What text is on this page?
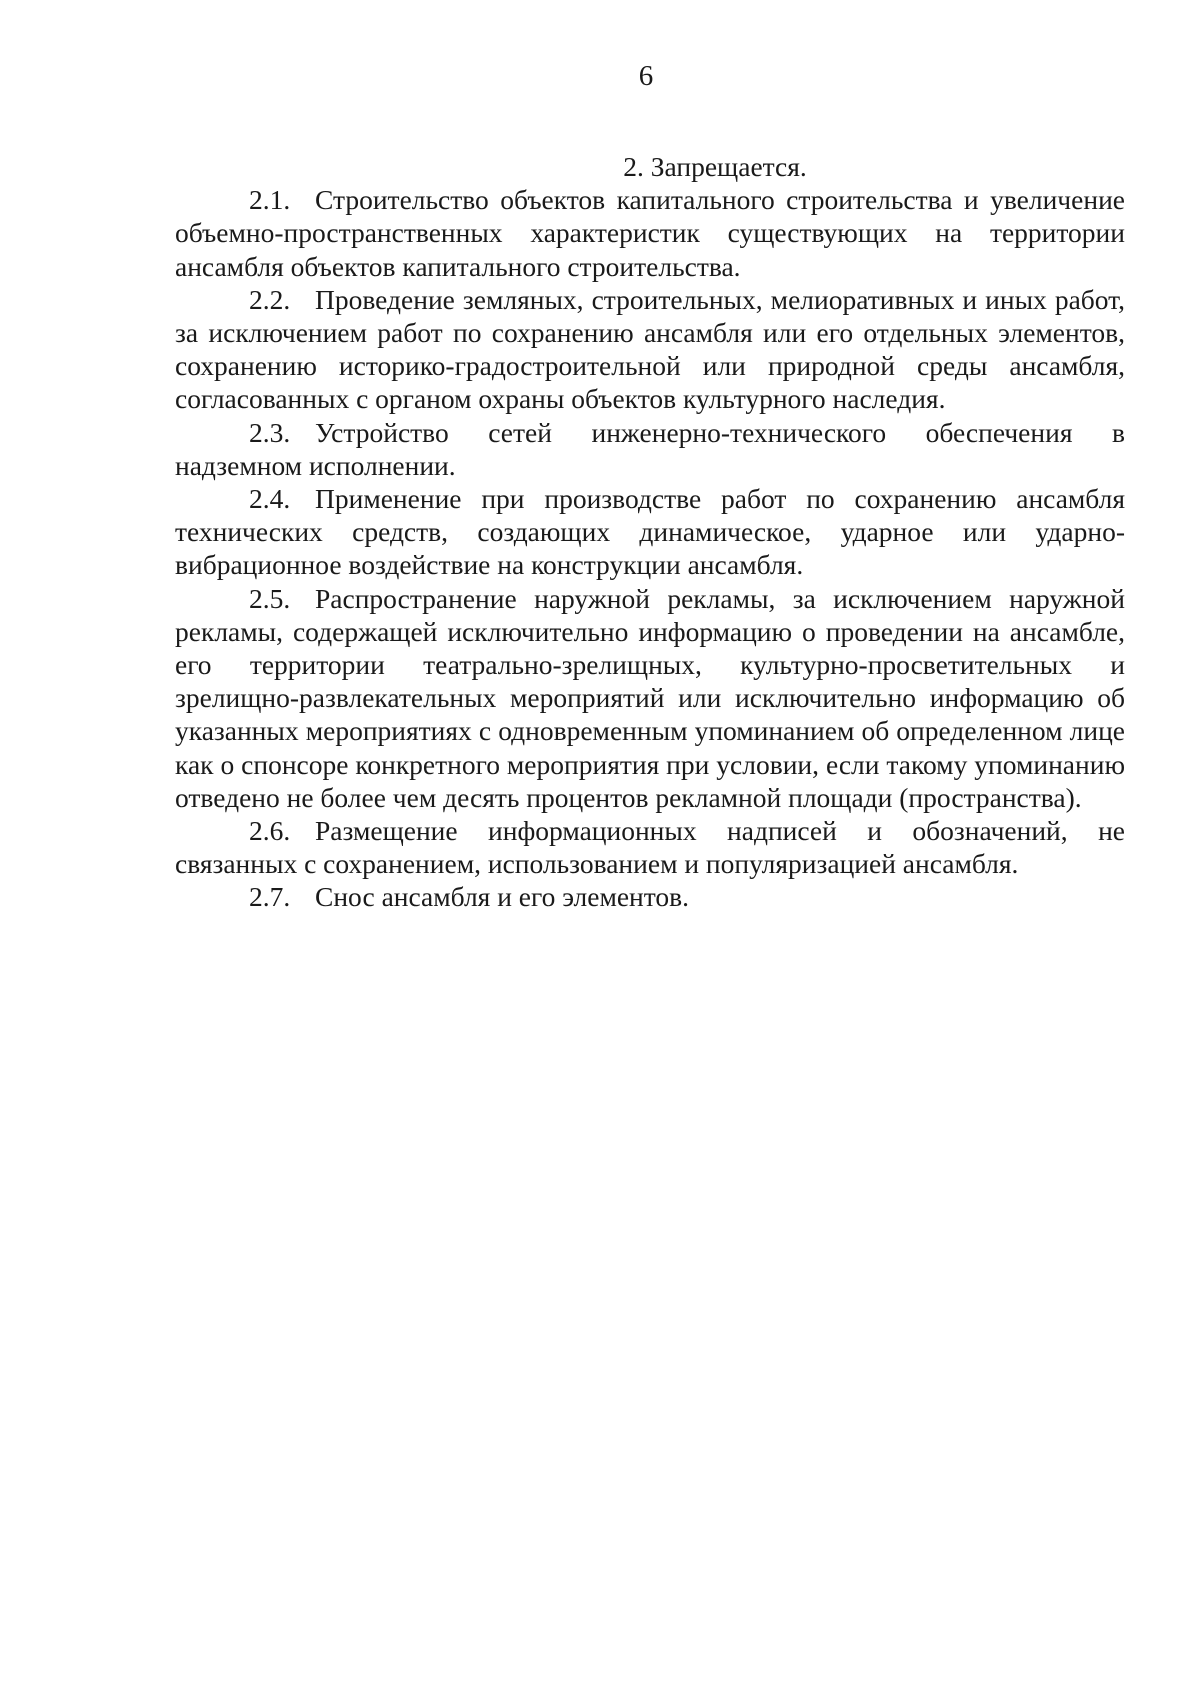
6

2. Запрещается.

2.1. Строительство объектов капитального строительства и увеличение объемно-пространственных характеристик существующих на территории ансамбля объектов капитального строительства.

2.2. Проведение земляных, строительных, мелиоративных и иных работ, за исключением работ по сохранению ансамбля или его отдельных элементов, сохранению историко-градостроительной или природной среды ансамбля, согласованных с органом охраны объектов культурного наследия.

2.3. Устройство сетей инженерно-технического обеспечения в надземном исполнении.

2.4. Применение при производстве работ по сохранению ансамбля технических средств, создающих динамическое, ударное или ударно-вибрационное воздействие на конструкции ансамбля.

2.5. Распространение наружной рекламы, за исключением наружной рекламы, содержащей исключительно информацию о проведении на ансамбле, его территории театрально-зрелищных, культурно-просветительных и зрелищно-развлекательных мероприятий или исключительно информацию об указанных мероприятиях с одновременным упоминанием об определенном лице как о спонсоре конкретного мероприятия при условии, если такому упоминанию отведено не более чем десять процентов рекламной площади (пространства).

2.6. Размещение информационных надписей и обозначений, не связанных с сохранением, использованием и популяризацией ансамбля.

2.7. Снос ансамбля и его элементов.
